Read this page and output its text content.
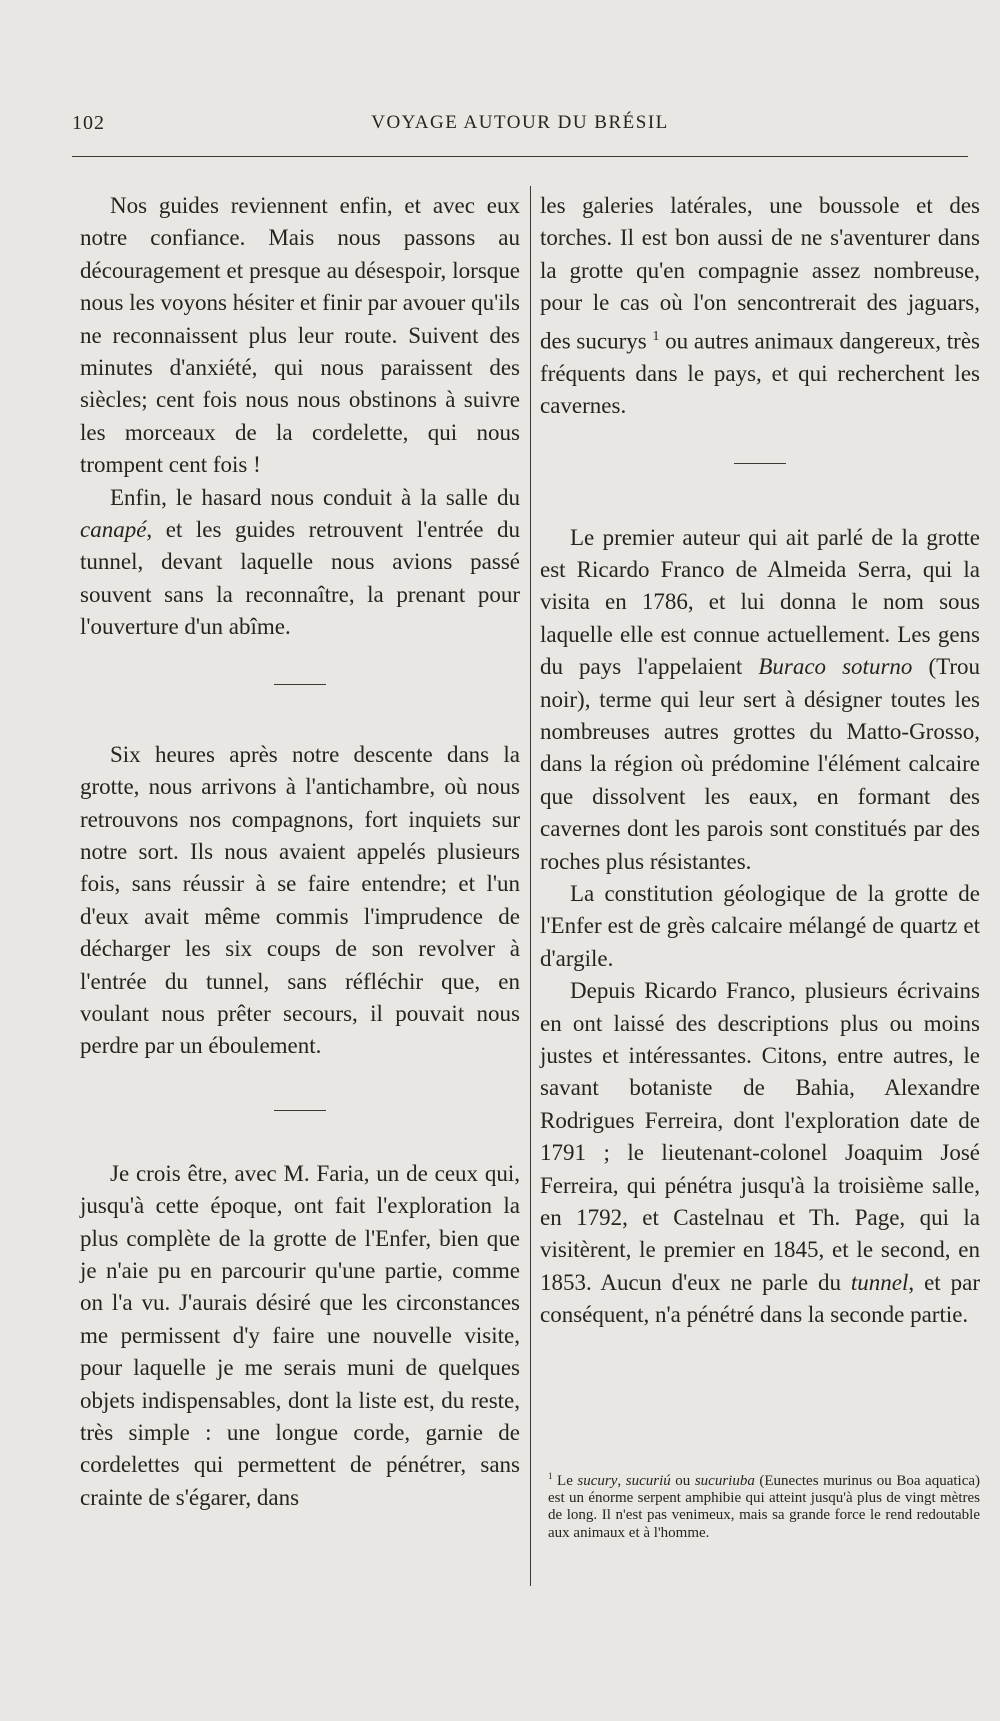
102	VOYAGE AUTOUR DU BRÉSIL

Nos guides reviennent enfin, et avec eux notre confiance. Mais nous passons au découragement et presque au désespoir, lorsque nous les voyons hésiter et finir par avouer qu'ils ne reconnaissent plus leur route. Suivent des minutes d'anxiété, qui nous paraissent des siècles; cent fois nous nous obstinons à suivre les morceaux de la cordelette, qui nous trompent cent fois !

Enfin, le hasard nous conduit à la salle du canapé, et les guides retrouvent l'entrée du tunnel, devant laquelle nous avions passé souvent sans la reconnaître, la prenant pour l'ouverture d'un abîme.

Six heures après notre descente dans la grotte, nous arrivons à l'antichambre, où nous retrouvons nos compagnons, fort inquiets sur notre sort. Ils nous avaient appelés plusieurs fois, sans réussir à se faire entendre; et l'un d'eux avait même commis l'imprudence de décharger les six coups de son revolver à l'entrée du tunnel, sans réfléchir que, en voulant nous prêter secours, il pouvait nous perdre par un éboulement.

Je crois être, avec M. Faria, un de ceux qui, jusqu'à cette époque, ont fait l'exploration la plus complète de la grotte de l'Enfer, bien que je n'aie pu en parcourir qu'une partie, comme on l'a vu. J'aurais désiré que les circonstances me permissent d'y faire une nouvelle visite, pour laquelle je me serais muni de quelques objets indispensables, dont la liste est, du reste, très simple : une longue corde, garnie de cordelettes qui permettent de pénétrer, sans crainte de s'égarer, dans

les galeries latérales, une boussole et des torches. Il est bon aussi de ne s'aventurer dans la grotte qu'en compagnie assez nombreuse, pour le cas où l'on sencontrerait des jaguars, des sucurys $^1$ ou autres animaux dangereux, très fréquents dans le pays, et qui recherchent les cavernes.

Le premier auteur qui ait parlé de la grotte est Ricardo Franco de Almeida Serra, qui la visita en 1786, et lui donna le nom sous laquelle elle est connue actuellement. Les gens du pays l'appelaient Buraco soturno (Trou noir), terme qui leur sert à désigner toutes les nombreuses autres grottes du Matto-Grosso, dans la région où prédomine l'élément calcaire que dissolvent les eaux, en formant des cavernes dont les parois sont constitués par des roches plus résistantes.

La constitution géologique de la grotte de l'Enfer est de grès calcaire mélangé de quartz et d'argile.

Depuis Ricardo Franco, plusieurs écrivains en ont laissé des descriptions plus ou moins justes et intéressantes. Citons, entre autres, le savant botaniste de Bahia, Alexandre Rodrigues Ferreira, dont l'exploration date de 1791 ; le lieutenant-colonel Joaquim José Ferreira, qui pénétra jusqu'à la troisième salle, en 1792, et Castelnau et Th. Page, qui la visitèrent, le premier en 1845, et le second, en 1853. Aucun d'eux ne parle du tunnel, et par conséquent, n'a pénétré dans la seconde partie.

$^1$ Le sucury, sucuriú ou sucuriuba (Eunectes murinus ou Boa aquatica) est un énorme serpent amphibie qui atteint jusqu'à plus de vingt mètres de long. Il n'est pas venimeux, mais sa grande force le rend redoutable aux animaux et à l'homme.
